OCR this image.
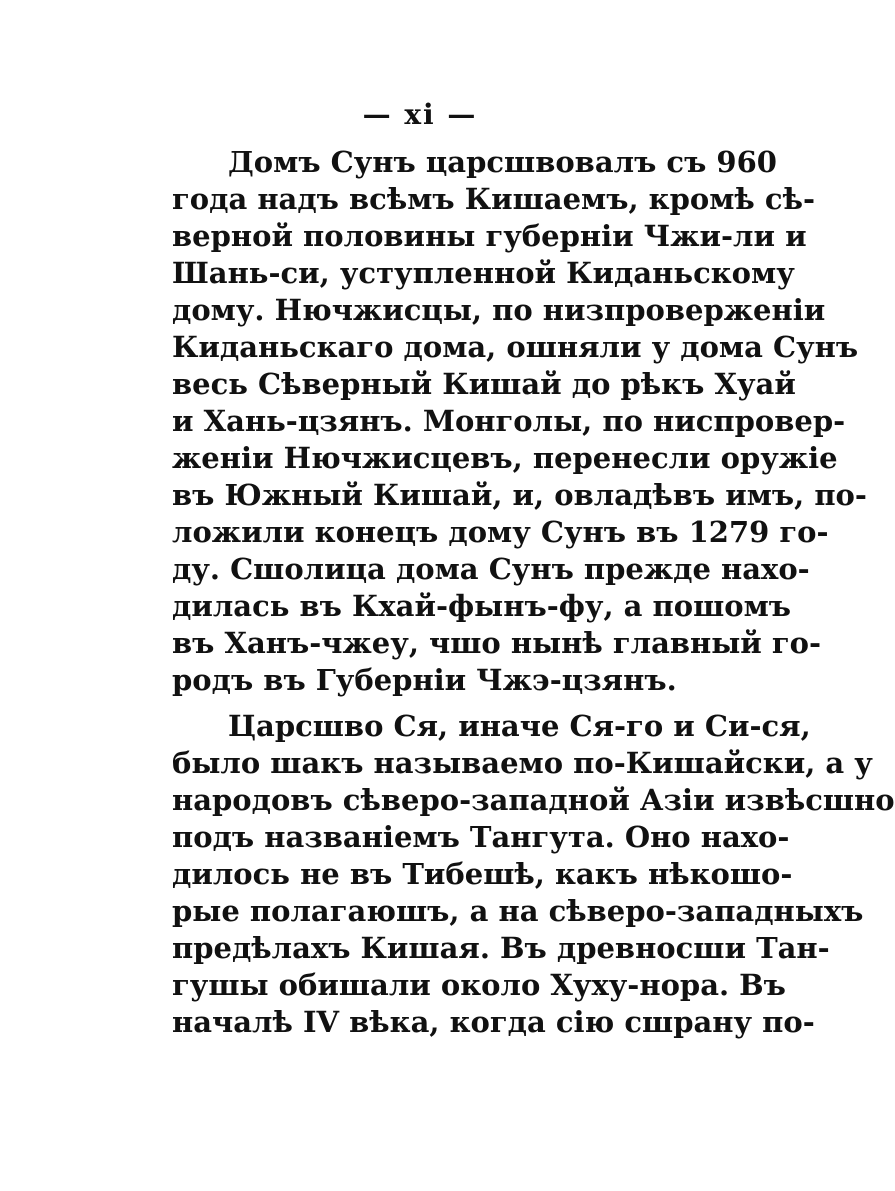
— xi —
Домъ Сунъ царсшвовалъ съ 960
года надъ всѣмъ Кишаемъ, кромѣ сѣ-
верной половины губерніи Чжи-ли и
Шань-си, уступленной Киданьскому
дому. Нючжисцы, по низпроверженіи
Киданьскаго дома, ошняли у дома Сунъ
весь Сѣверный Кишай до рѣкъ Хуай
и Хань-цзянъ. Монголы, по ниспровер-
женіи Нючжисцевъ, перенесли оружіе
въ Южный Кишай, и, овладѣвъ имъ, по-
ложили конецъ дому Сунъ въ 1279 го-
ду. Сшолица дома Сунъ прежде нахо-
дилась въ Кхай-фынъ-фу, а пошомъ
въ Ханъ-чжеу, чшо нынѣ главный го-
родъ въ Губерніи Чжэ-цзянъ.
Царсшво Ся, иначе Ся-го и Си-ся,
было шакъ называемо по-Кишайски, а у
народовъ сѣверо-западной Азіи извѣсшно
подъ названіемъ Тангута. Оно нахо-
дилось не въ Тибешѣ, какъ нѣкошо-
рые полагаюшъ, а на сѣверо-западныхъ
предѣлахъ Кишая. Въ древносши Тан-
гушы обишали около Хуху-нора. Въ
началѣ IV вѣка, когда сію сшрану по-
